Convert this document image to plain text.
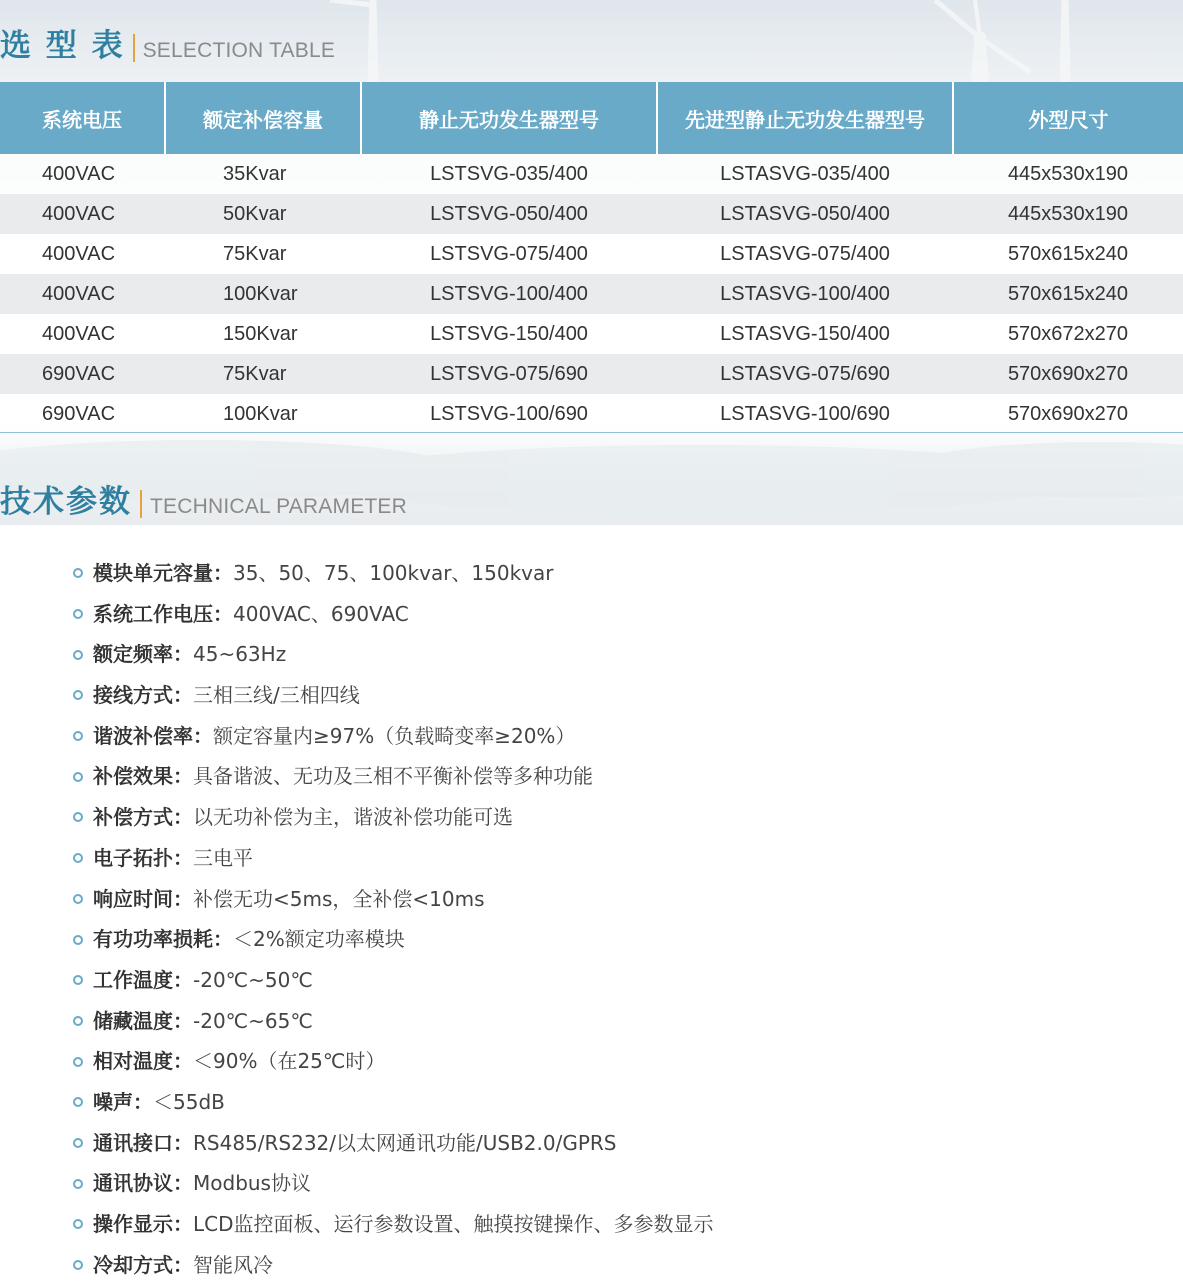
选 型 表 SELECTION TABLE
系统电压	额定补偿容量	静止无功发生器型号	先进型静止无功发生器型号	外型尺寸
400VAC	35Kvar	LSTSVG-035/400	LSTASVG-035/400	445x530x190
400VAC	50Kvar	LSTSVG-050/400	LSTASVG-050/400	445x530x190
400VAC	75Kvar	LSTSVG-075/400	LSTASVG-075/400	570x615x240
400VAC	100Kvar	LSTSVG-100/400	LSTASVG-100/400	570x615x240
400VAC	150Kvar	LSTSVG-150/400	LSTASVG-150/400	570x672x270
690VAC	75Kvar	LSTSVG-075/690	LSTASVG-075/690	570x690x270
690VAC	100Kvar	LSTSVG-100/690	LSTASVG-100/690	570x690x270
技术参数 TECHNICAL PARAMETER
模块单元容量： 35、50、75、100kvar、150kvar
系统工作电压： 400VAC、690VAC
额定频率： 45~63Hz
接线方式： 三相三线/三相四线
谐波补偿率： 额定容量内≥97%（负载畸变率≥20%）
补偿效果： 具备谐波、无功及三相不平衡补偿等多种功能
补偿方式： 以无功补偿为主，谐波补偿功能可选
电子拓扑： 三电平
响应时间： 补偿无功<5ms，全补偿<10ms
有功功率损耗： ＜2%额定功率模块
工作温度： -20℃~50℃
储藏温度： -20℃~65℃
相对温度： ＜90%（在25℃时）
噪声： ＜55dB
通讯接口： RS485/RS232/以太网通讯功能/USB2.0/GPRS
通讯协议： Modbus协议
操作显示： LCD监控面板、运行参数设置、触摸按键操作、多参数显示
冷却方式： 智能风冷
